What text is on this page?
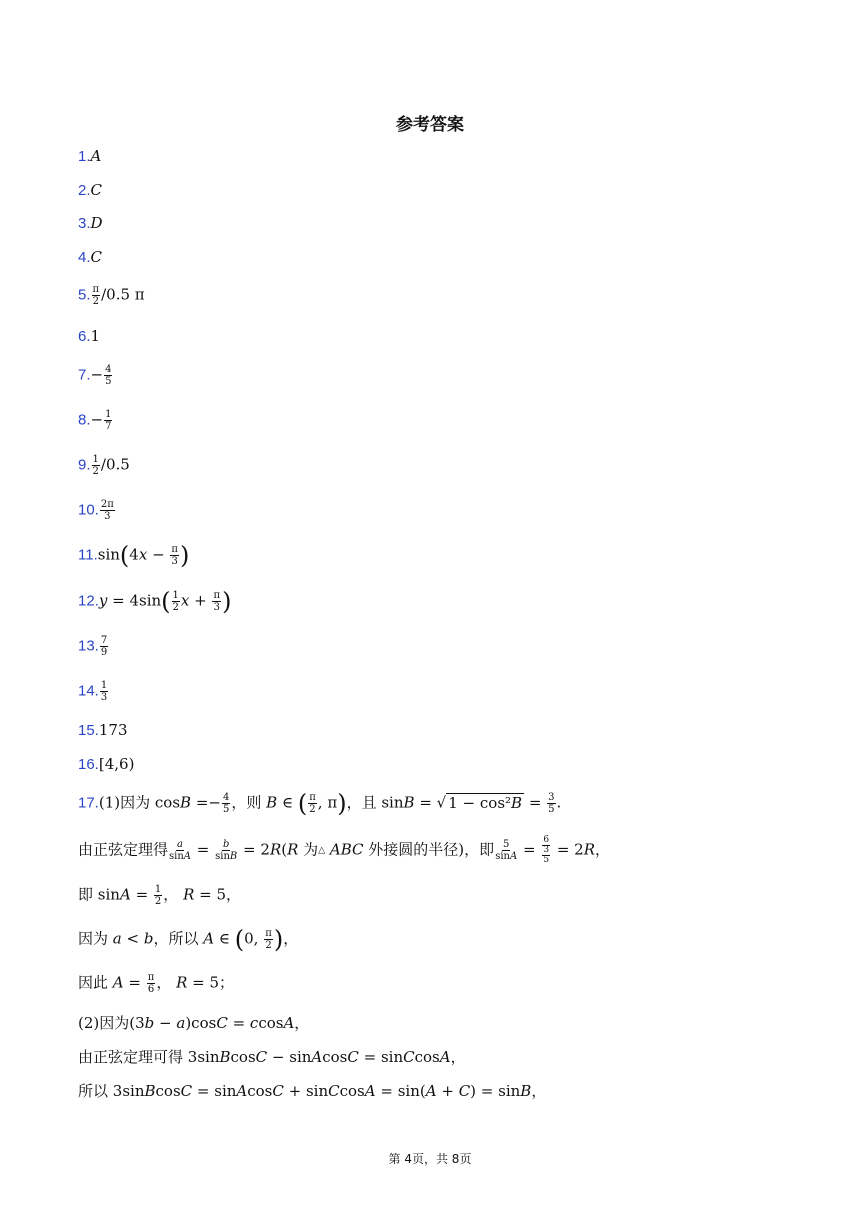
参考答案
1.A
2.C
3.D
4.C
5. $\frac{\pi}{2} /0.5$ π
6.1
$7.- \frac{4}{5}$
$8.- \frac{1}{7}$
9. $\frac{1}{2} /0.5$
10. $\frac{2\pi}{3}$
$11.\sin(4x - \frac{\pi}{3}$ )
$12.y = 4\sin( \frac{1}{2}$ $x + \frac{\pi}{3}$ )
13. $\frac{7}{9}$
14. $\frac{1}{3}$
15.173
16.[4,6)
17.(1)因为 $\cos B =- \frac{4}{5}$ ，则 B ∈ ( $\frac{\pi}{2}$ , π)，且 sinB = √ $1 - \cos^2B = \frac{3}{5}$ .
由正弦定理得 $\frac{a}{\sin A} = \frac{b}{\sin B} = 2R(R$ 为△ ABC 外接圆的半径)，即 $\frac{5}{\sin A} = \frac{6}{\frac{3}{5}} = 2R$，
即 $\sin A = \frac{1}{2}$ ， R = 5，
因为 a < b，所以 A ∈ (0, $\frac{\pi}{2}$ )，
因此 $A = \frac{\pi}{6}$ ， R = 5；
(2)因为(3b − a)cosC = ccosA，
由正弦定理可得 3sinBcosC − sinAcosC = sinCcosA，
所以 3sinBcosC = sinAcosC + sinCcosA = sin(A + C) = sinB，
第 4页，共 8页
